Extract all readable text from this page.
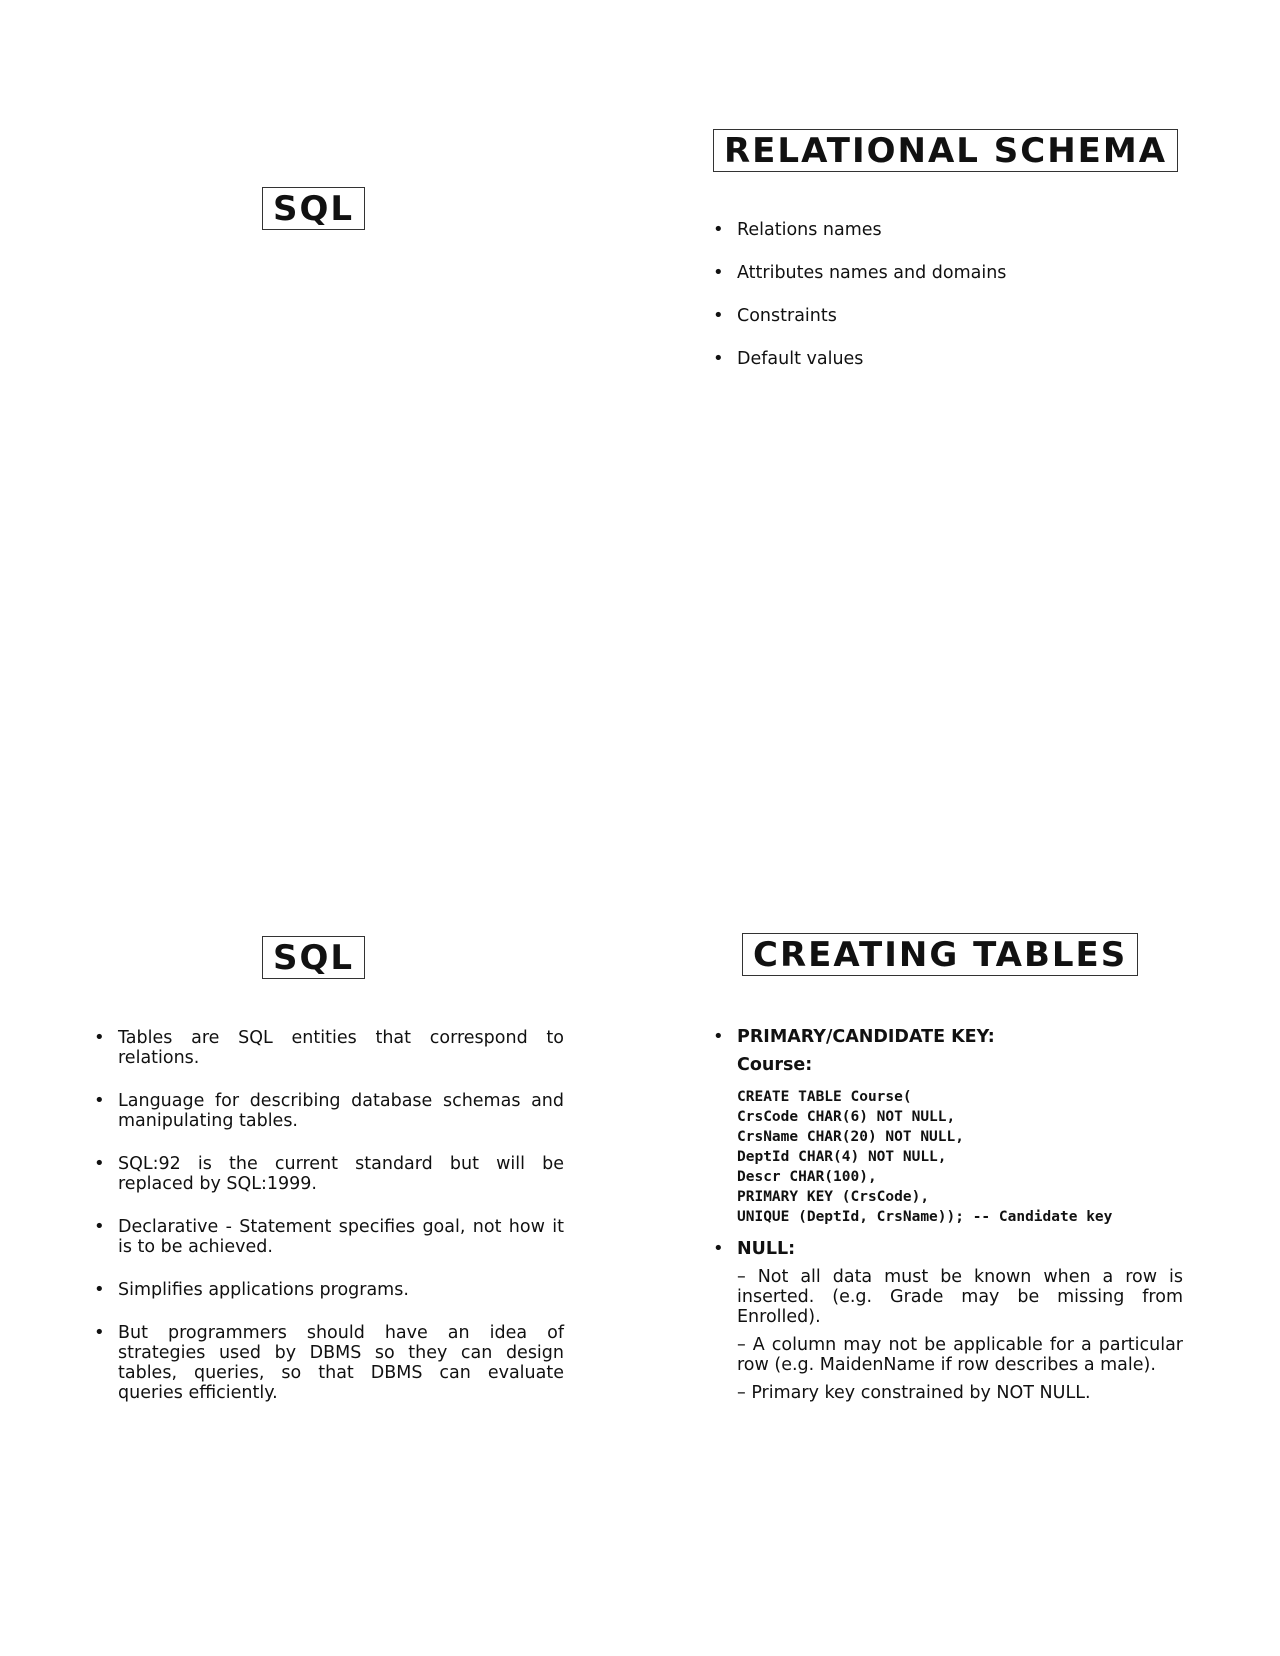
SQL
RELATIONAL SCHEMA
• Relations names
• Attributes names and domains
• Constraints
• Default values
SQL
• Tables are SQL entities that correspond to relations.
• Language for describing database schemas and manipulating tables.
• SQL:92 is the current standard but will be replaced by SQL:1999.
• Declarative - Statement specifies goal, not how it is to be achieved.
• Simplifies applications programs.
• But programmers should have an idea of strategies used by DBMS so they can design tables, queries, so that DBMS can evaluate queries efficiently.
CREATING TABLES
• PRIMARY/CANDIDATE KEY:
Course:
CREATE TABLE Course(
CrsCode CHAR(6) NOT NULL,
CrsName CHAR(20) NOT NULL,
DeptId CHAR(4) NOT NULL,
Descr CHAR(100),
PRIMARY KEY (CrsCode),
UNIQUE (DeptId, CrsName)); -- Candidate key
• NULL:
– Not all data must be known when a row is inserted. (e.g. Grade may be missing from Enrolled).
– A column may not be applicable for a particular row (e.g. MaidenName if row describes a male).
– Primary key constrained by NOT NULL.
